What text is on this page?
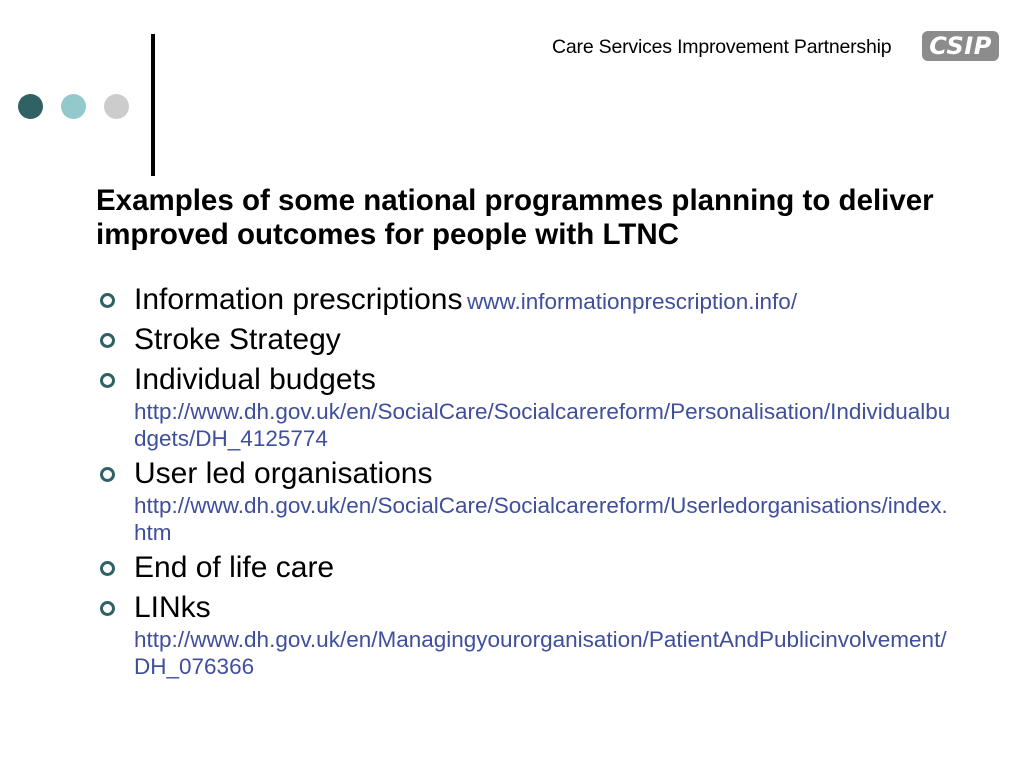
Care Services Improvement Partnership CSIP
Examples of some national programmes planning to deliver improved outcomes for people with LTNC
Information prescriptions www.informationprescription.info/
Stroke Strategy
Individual budgets
http://www.dh.gov.uk/en/SocialCare/Socialcarereform/Personalisation/Individualbudgets/DH_4125774
User led organisations
http://www.dh.gov.uk/en/SocialCare/Socialcarereform/Userledorganisations/index.htm
End of life care
LINks
http://www.dh.gov.uk/en/Managingyourorganisation/PatientAndPublicinvolvement/DH_076366
